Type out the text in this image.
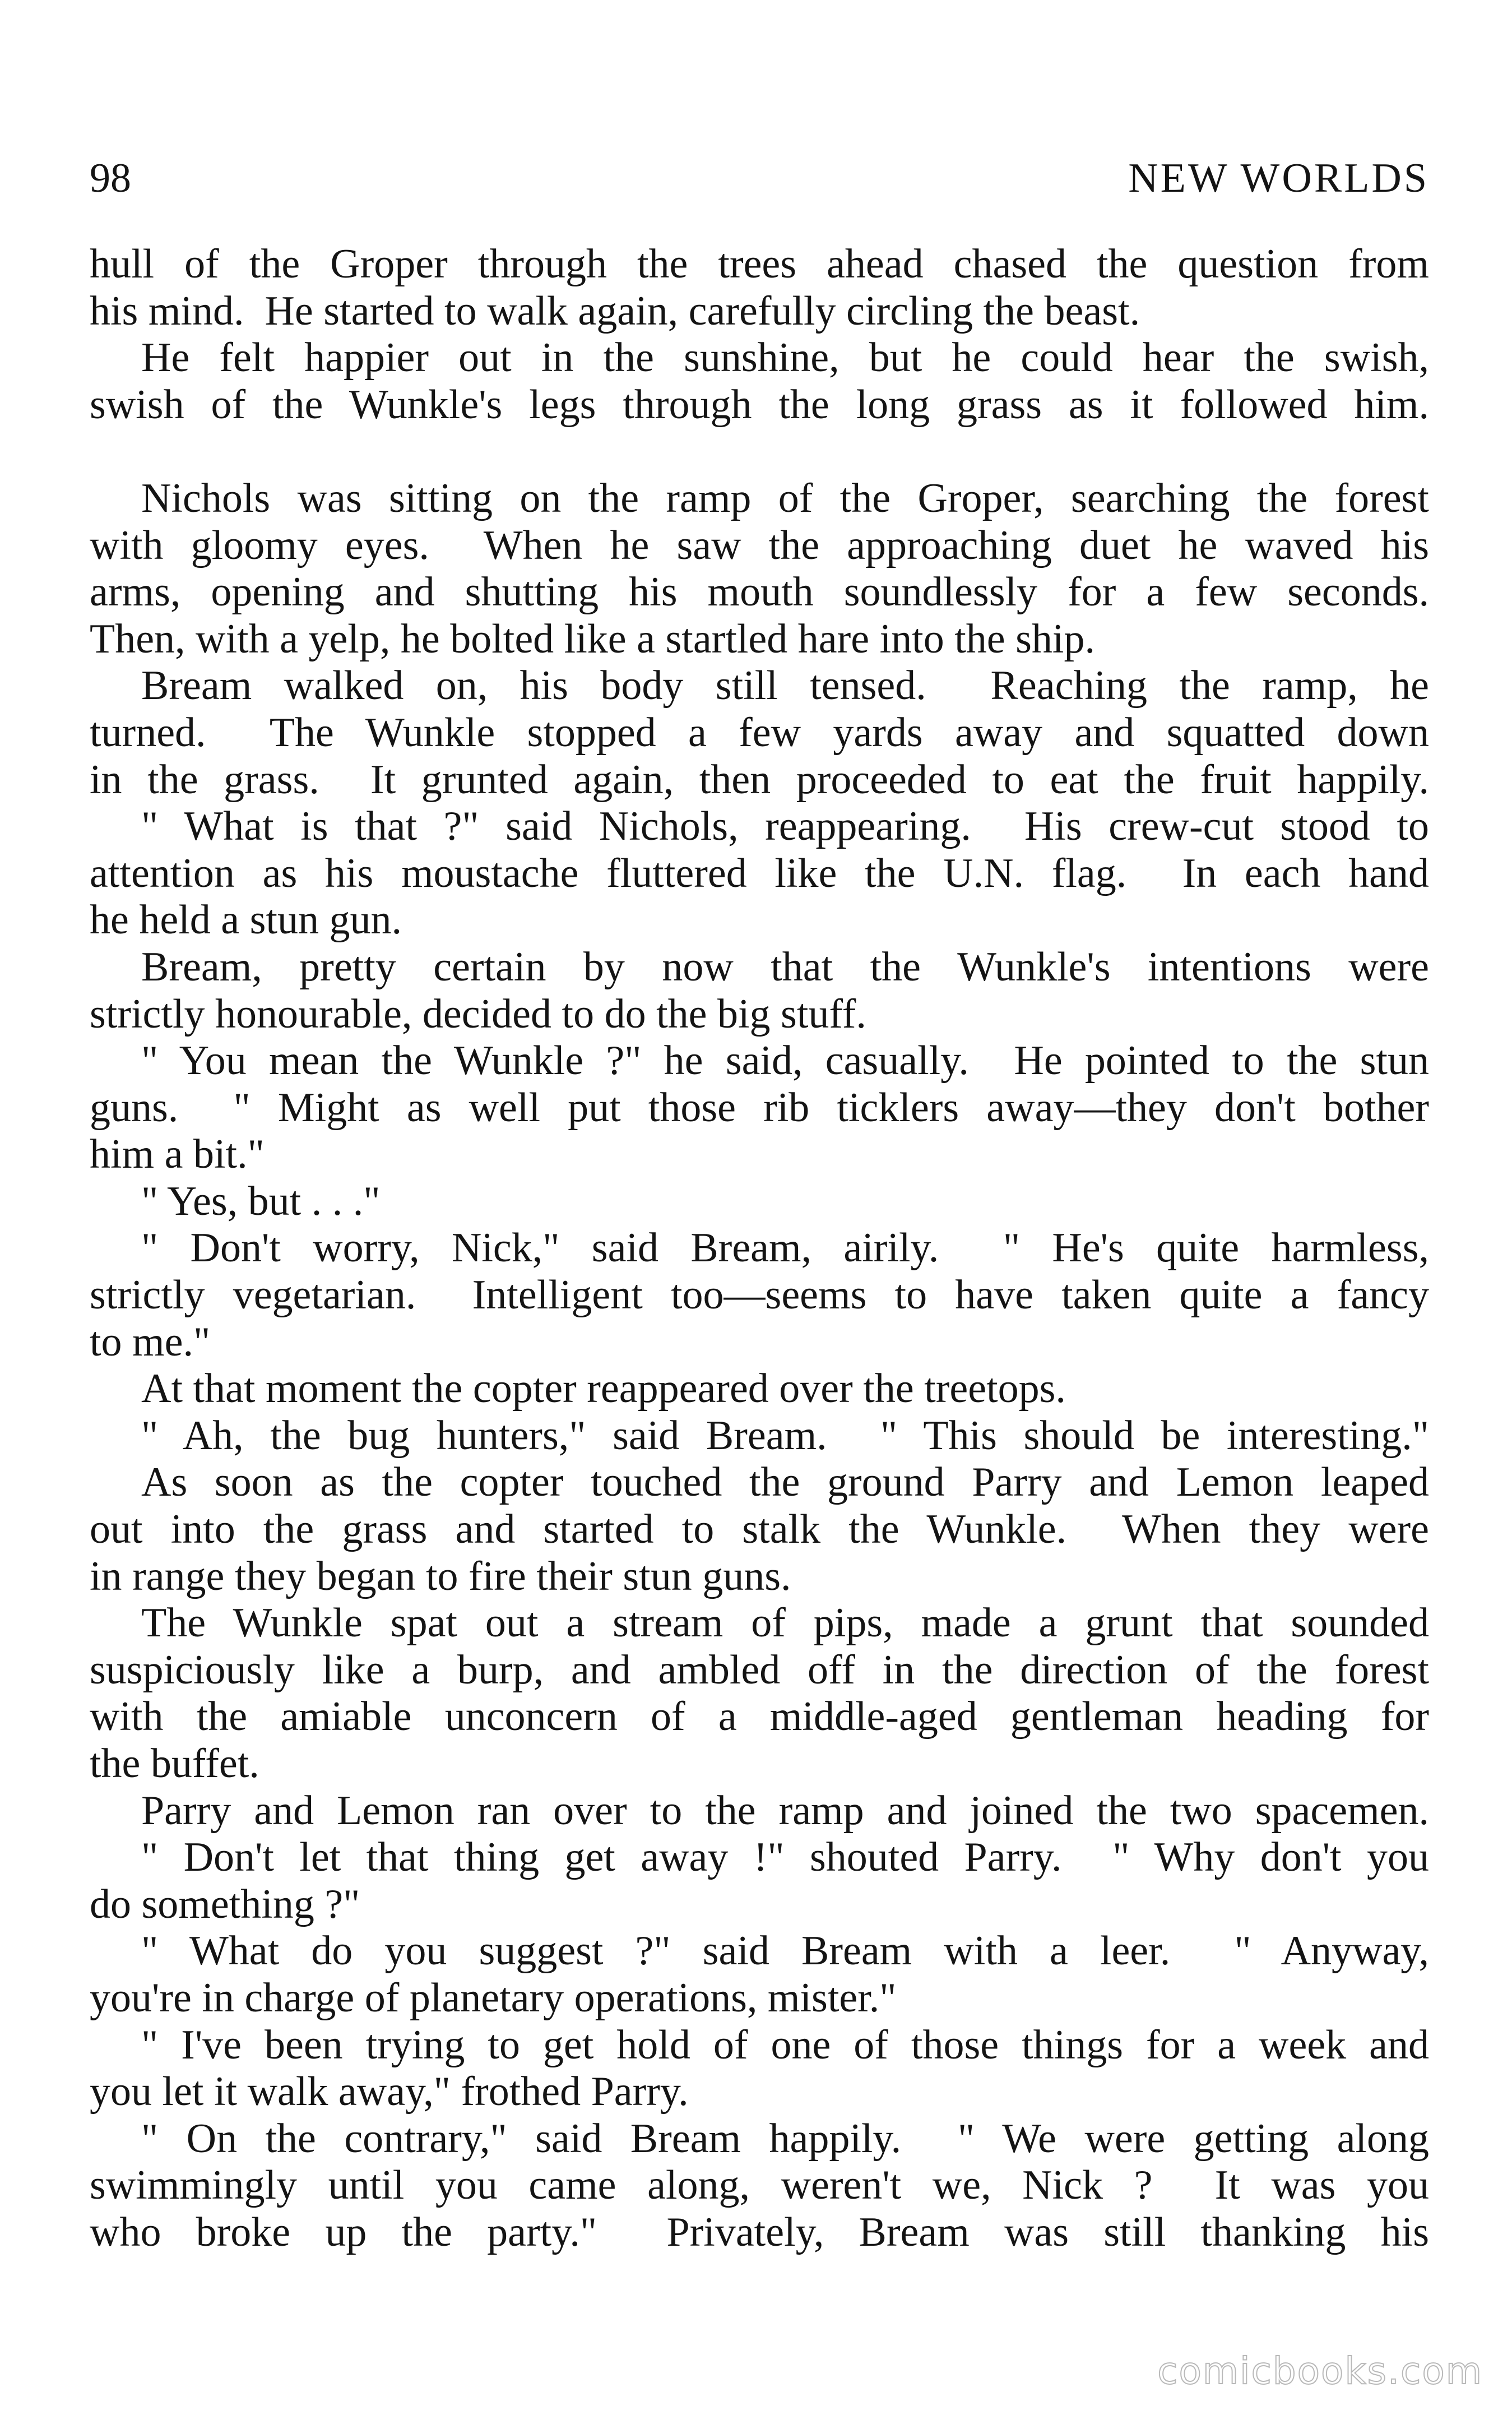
98	NEW WORLDS
hull of the Groper through the trees ahead chased the question from
his mind.  He started to walk again, carefully circling the beast.
He felt happier out in the sunshine, but he could hear the swish,
swish of the Wunkle's legs through the long grass as it followed him.
Nichols was sitting on the ramp of the Groper, searching the forest
with gloomy eyes.  When he saw the approaching duet he waved his
arms, opening and shutting his mouth soundlessly for a few seconds.
Then, with a yelp, he bolted like a startled hare into the ship.
Bream walked on, his body still tensed.  Reaching the ramp, he
turned.  The Wunkle stopped a few yards away and squatted down
in the grass.  It grunted again, then proceeded to eat the fruit happily.
" What is that ?" said Nichols, reappearing.  His crew-cut stood to
attention as his moustache fluttered like the U.N. flag.  In each hand
he held a stun gun.
Bream, pretty certain by now that the Wunkle's intentions were
strictly honourable, decided to do the big stuff.
" You mean the Wunkle ?" he said, casually.  He pointed to the stun
guns.  " Might as well put those rib ticklers away—they don't bother
him a bit."
" Yes, but . . ."
" Don't worry, Nick," said Bream, airily.  " He's quite harmless,
strictly vegetarian.  Intelligent too—seems to have taken quite a fancy
to me."
At that moment the copter reappeared over the treetops.
" Ah, the bug hunters," said Bream.  " This should be interesting."
As soon as the copter touched the ground Parry and Lemon leaped
out into the grass and started to stalk the Wunkle.  When they were
in range they began to fire their stun guns.
The Wunkle spat out a stream of pips, made a grunt that sounded
suspiciously like a burp, and ambled off in the direction of the forest
with the amiable unconcern of a middle-aged gentleman heading for
the buffet.
Parry and Lemon ran over to the ramp and joined the two spacemen.
" Don't let that thing get away !" shouted Parry.  " Why don't you
do something ?"
" What do you suggest ?" said Bream with a leer.  " Anyway,
you're in charge of planetary operations, mister."
" I've been trying to get hold of one of those things for a week and
you let it walk away," frothed Parry.
" On the contrary," said Bream happily.  " We were getting along
swimmingly until you came along, weren't we, Nick ?  It was you
who broke up the party."  Privately, Bream was still thanking his
comicbooks.com
